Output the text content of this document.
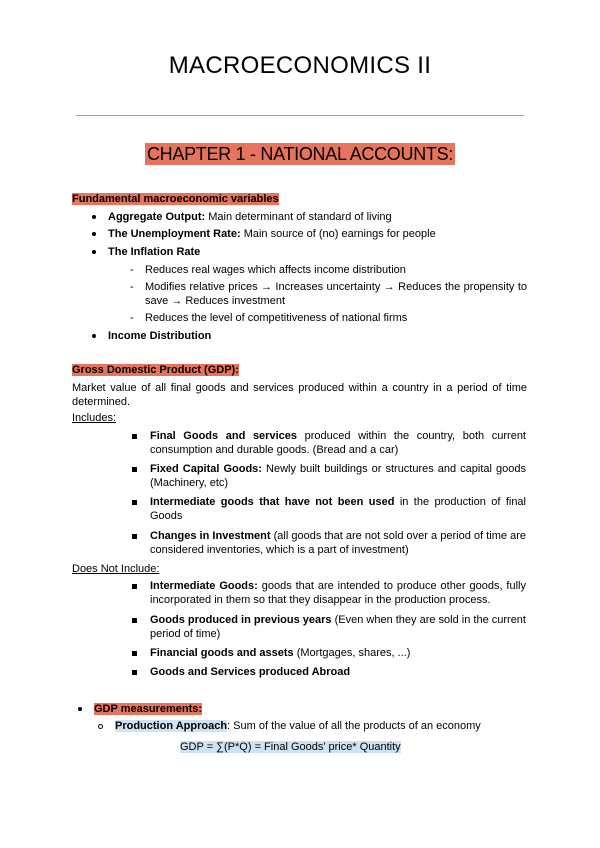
MACROECONOMICS II
CHAPTER 1 - NATIONAL ACCOUNTS:
Fundamental macroeconomic variables
Aggregate Output: Main determinant of standard of living
The Unemployment Rate: Main source of (no) earnings for people
The Inflation Rate
- Reduces real wages which affects income distribution
- Modifies relative prices → Increases uncertainty → Reduces the propensity to save → Reduces investment
- Reduces the level of competitiveness of national firms
Income Distribution
Gross Domestic Product (GDP):
Market value of all final goods and services produced within a country in a period of time determined.
Includes:
Final Goods and services produced within the country, both current consumption and durable goods. (Bread and a car)
Fixed Capital Goods: Newly built buildings or structures and capital goods (Machinery, etc)
Intermediate goods that have not been used in the production of final Goods
Changes in Investment (all goods that are not sold over a period of time are considered inventories, which is a part of investment)
Does Not Include:
Intermediate Goods: goods that are intended to produce other goods, fully incorporated in them so that they disappear in the production process.
Goods produced in previous years (Even when they are sold in the current period of time)
Financial goods and assets (Mortgages, shares, ...)
Goods and Services produced Abroad
GDP measurements:
Production Approach: Sum of the value of all the products of an economy
GDP = ∑(P*Q) = Final Goods' price* Quantity
